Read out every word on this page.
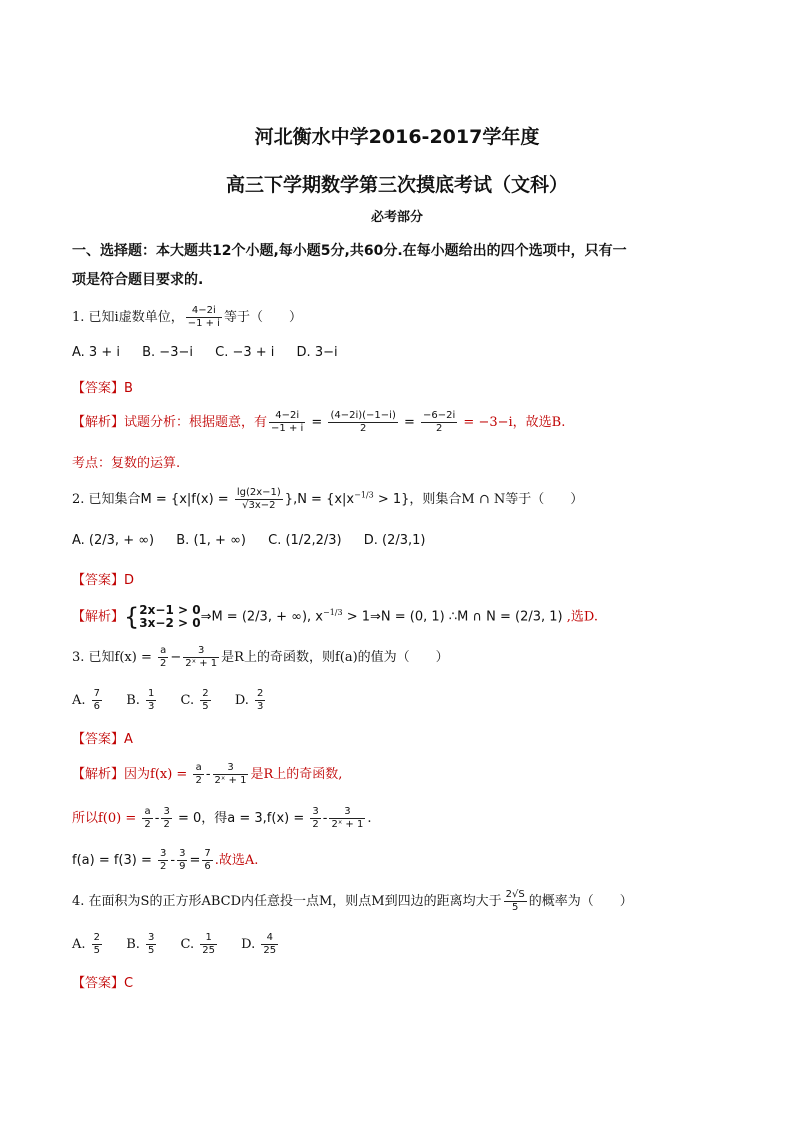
河北衡水中学2016-2017学年度
高三下学期数学第三次摸底考试（文科）
必考部分
一、选择题：本大题共12个小题,每小题5分,共60分.在每小题给出的四个选项中，只有一
项是符合题目要求的.
1. 已知i虚数单位， $\frac{4-2i}{-1 + i}$ 等于（　　）
A. 3 + i B. −3−i C. −3 + i D. 3−i
【答案】B
【解析】试题分析：根据题意，有 $\frac{4-2i}{-1 + i} = \frac{(4-2i)(-1-i)}{2} = \frac{-6-2i}{2} = -3-i$，故选B.
考点：复数的运算.
2. 已知集合$M = \{x|f(x) = \frac{\lg(2x-1)}{√3x-2} \},N = \{x|x^{-1/3} > 1\}$，则集合M ∩ N等于（　　）
A. (2/3, + ∞) B. (1, + ∞) C. (1/2,2/3) D. (2/3,1)
【答案】D
【解析】{ 2x−1 > 0
3x−2 > 0 ⇒M = (2/3, + ∞), $x^{-1/3}$ > 1⇒N = (0, 1) ∴M ∩ N = (2/3, 1) ,选D.
3. 已知$f(x) = \frac{a}{2} - \frac{3}{\text{2ˣ + 1}}$ 是R上的奇函数，则f(a)的值为（　　）
A. $\frac{7}{6} B$. $\frac{1}{3} C$. $\frac{2}{5} D$. $\frac{2}{3}$
【答案】A
【解析】因为$f(x) = \frac{a}{2} - \frac{3}{\text{2ˣ + 1}}$ 是R上的奇函数,
所以$f(0) = \frac{a}{2} - \frac{3}{2} = 0$，得$a = 3,f(x) = \frac{3}{2} - \frac{3}{\text{2ˣ + 1}}$ .
$f(a) = f(3) = \frac{3}{2} - \frac{3}{9} = \frac{7}{6}$ .故选A.
4. 在面积为S的正方形ABCD内任意投一点M，则点M到四边的距离均大于 $\frac{2√S}{5}$ 的概率为（　　）
A. $\frac{2}{5} B$. $\frac{3}{5} C$. $\frac{1}{25} D$. $\frac{4}{25}$
【答案】C
